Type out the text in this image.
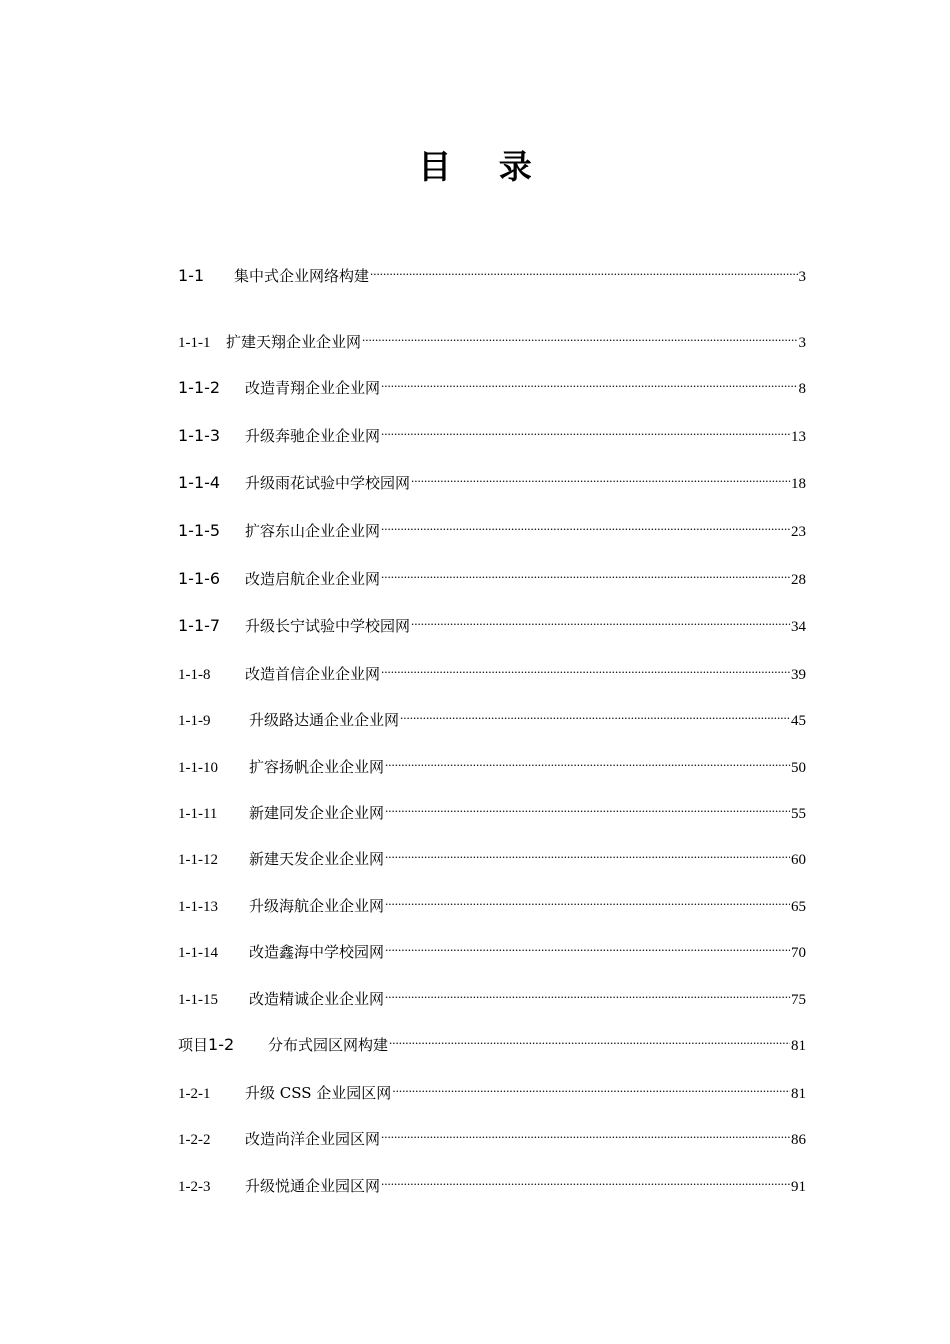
目 录
1-1	集中式企业网络构建 .....	3
1-1-1	扩建天翔企业企业网 .....	3
1-1-2	改造青翔企业企业网 .....	8
1-1-3	升级奔驰企业企业网 .....	13
1-1-4	升级雨花试验中学校园网 .....	18
1-1-5	扩容东山企业企业网 .....	23
1-1-6	改造启航企业企业网 .....	28
1-1-7	升级长宁试验中学校园网 .....	34
1-1-8	改造首信企业企业网 .....	39
1-1-9	升级路达通企业企业网 .....	45
1-1-10	扩容扬帆企业企业网 .....	50
1-1-11	新建同发企业企业网 .....	55
1-1-12	新建天发企业企业网 .....	60
1-1-13	升级海航企业企业网 .....	65
1-1-14	改造鑫海中学校园网 .....	70
1-1-15	改造精诚企业企业网 .....	75
项目1-2	分布式园区网构建 .....	81
1-2-1	升级 CSS 企业园区网 .....	81
1-2-2	改造尚洋企业园区网 .....	86
1-2-3	升级悦通企业园区网 .....	91
